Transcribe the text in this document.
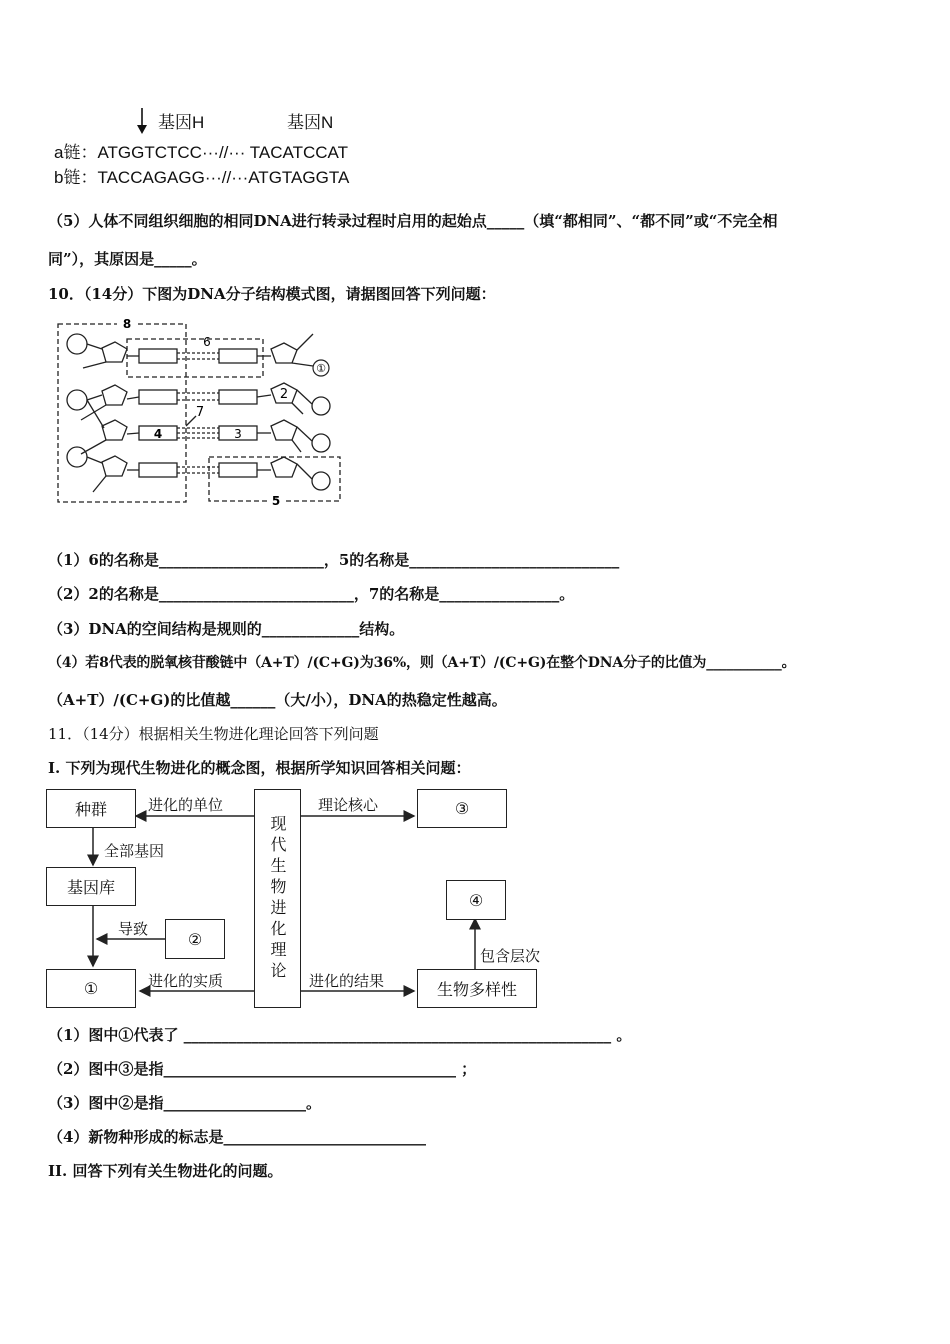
基因H	基因N
a链：ATGGTCTCC···//··· TACATCCAT
b链：TACCAGAGG···//···ATGTAGGTA
（5）人体不同组织细胞的相同DNA进行转录过程时启用的起始点_____（填“都相同”、“都不同”或“不完全相
同”），其原因是_____。
10．（14分）下图为DNA分子结构模式图，请据图回答下列问题：
8
6
①
2
7
4	3
5
（1）6的名称是______________________，5的名称是____________________________
（2）2的名称是__________________________，7的名称是________________。
（3）DNA的空间结构是规则的_____________结构。
（4）若8代表的脱氧核苷酸链中（A+T）/(C+G)为36%，则（A+T）/(C+G)在整个DNA分子的比值为___________。
（A+T）/(C+G)的比值越______（大/小），DNA的热稳定性越高。
11．（14分）根据相关生物进化理论回答下列问题
I. 下列为现代生物进化的概念图，根据所学知识回答相关问题：
种群
基因库
①
②	现代生物进化理论
③
④
生物多样性
进化的单位	理论核心
全部基因
导致
进化的实质	进化的结果
包含层次
（1）图中①代表了 _________________________________________________________ 。
（2）图中③是指_______________________________________ ；
（3）图中②是指___________________。
（4）新物种形成的标志是___________________________
II. 回答下列有关生物进化的问题。
